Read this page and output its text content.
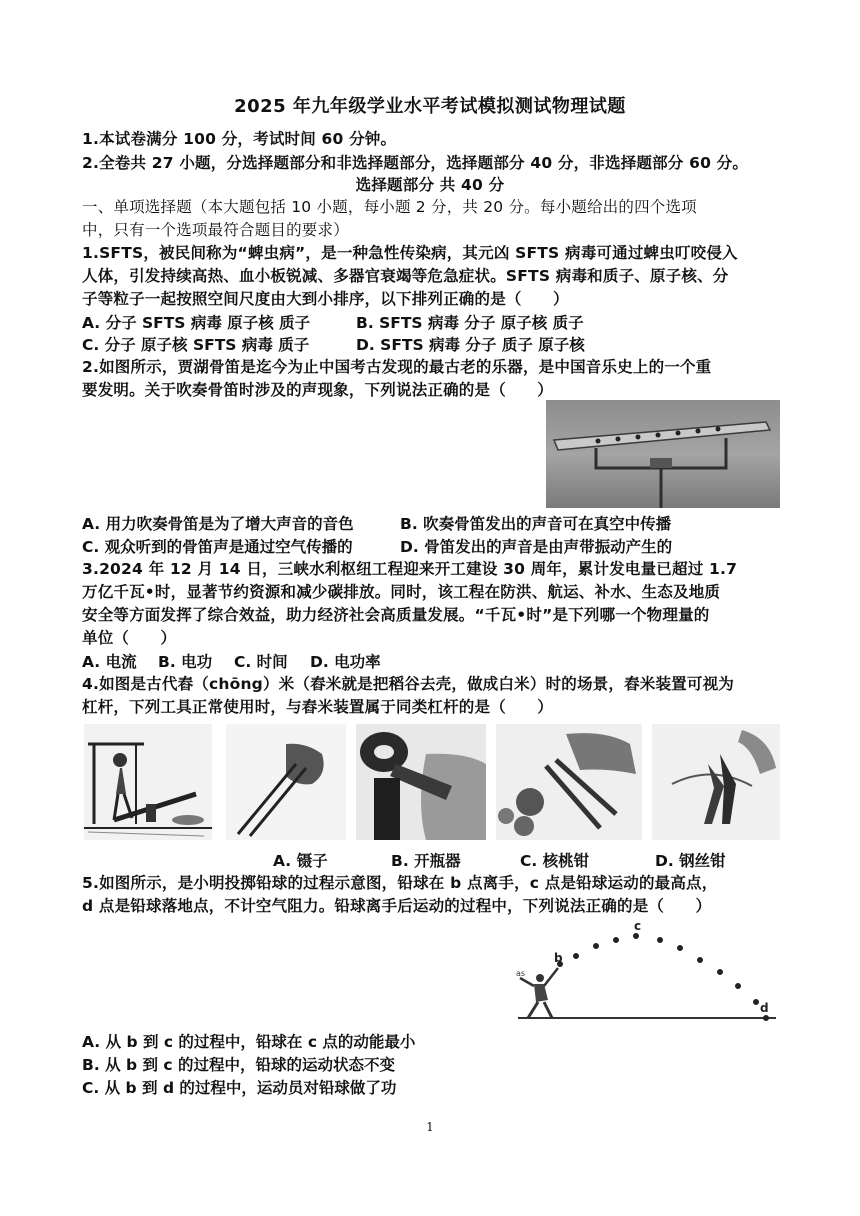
2025 年九年级学业水平考试模拟测试物理试题
1.本试卷满分 100 分，考试时间 60 分钟。
2.全卷共 27 小题，分选择题部分和非选择题部分，选择题部分 40 分，非选择题部分 60 分。
选择题部分 共 40 分
一、单项选择题（本大题包括 10 小题，每小题 2 分，共 20 分。每小题给出的四个选项
中，只有一个选项最符合题目的要求）
1.SFTS，被民间称为“蜱虫病”，是一种急性传染病，其元凶 SFTS 病毒可通过蜱虫叮咬侵入
人体，引发持续高热、血小板锐减、多器官衰竭等危急症状。SFTS 病毒和质子、原子核、分
子等粒子一起按照空间尺度由大到小排序，以下排列正确的是（　　）
A. 分子 SFTS 病毒 原子核 质子	B. SFTS 病毒 分子 原子核 质子
C. 分子 原子核 SFTS 病毒 质子	D. SFTS 病毒 分子 质子 原子核
2.如图所示，贾湖骨笛是迄今为止中国考古发现的最古老的乐器，是中国音乐史上的一个重
要发明。关于吹奏骨笛时涉及的声现象，下列说法正确的是（　　）
A. 用力吹奏骨笛是为了增大声音的音色	B. 吹奏骨笛发出的声音可在真空中传播
C. 观众听到的骨笛声是通过空气传播的	D. 骨笛发出的声音是由声带振动产生的
3.2024 年 12 月 14 日，三峡水利枢纽工程迎来开工建设 30 周年，累计发电量已超过 1.7
万亿千瓦•时，显著节约资源和减少碳排放。同时，该工程在防洪、航运、补水、生态及地质
安全等方面发挥了综合效益，助力经济社会高质量发展。“千瓦•时”是下列哪一个物理量的
单位（　　）
A. 电流 B. 电功 C. 时间 D. 电功率
4.如图是古代舂（chōng）米（舂米就是把稻谷去壳，做成白米）时的场景，舂米装置可视为
杠杆，下列工具正常使用时，与舂米装置属于同类杠杆的是（　　）
A. 镊子	B. 开瓶器	C. 核桃钳	D. 钢丝钳
5.如图所示，是小明投掷铅球的过程示意图，铅球在 b 点离手，c 点是铅球运动的最高点，
d 点是铅球落地点，不计空气阻力。铅球离手后运动的过程中，下列说法正确的是（　　）
as
b
c
d
A. 从 b 到 c 的过程中，铅球在 c 点的动能最小
B. 从 b 到 c 的过程中，铅球的运动状态不变
C. 从 b 到 d 的过程中，运动员对铅球做了功
1
